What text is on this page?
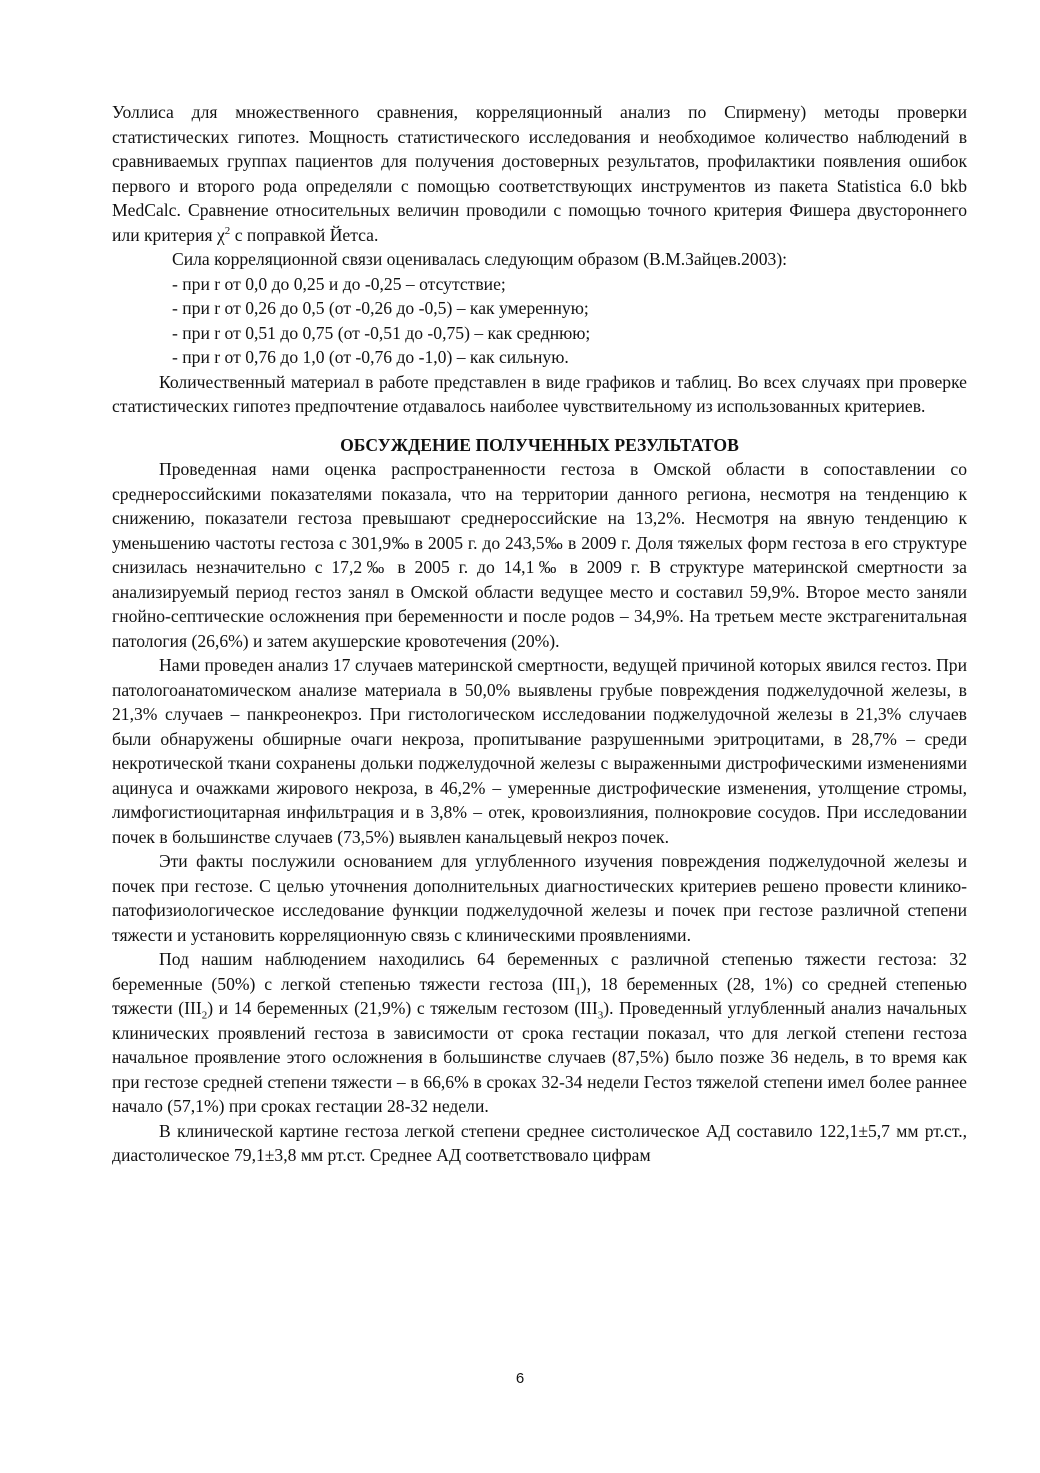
Уоллиса для множественного сравнения, корреляционный анализ по Спирмену) методы проверки статистических гипотез. Мощность статистического исследования и необходимое количество наблюдений в сравниваемых группах пациентов для получения достоверных результатов, профилактики появления ошибок первого и второго рода определяли с помощью соответствующих инструментов из пакета Statistica 6.0 bkb MedCalc. Сравнение относительных величин проводили с помощью точного критерия Фишера двустороннего или критерия $\chi^2$ с поправкой Йетса.

Сила корреляционной связи оценивалась следующим образом (В.М.Зайцев.2003):

- при r от 0,0 до 0,25 и до -0,25 – отсутствие;

- при r от 0,26 до 0,5 (от -0,26 до -0,5) – как умеренную;

- при r от 0,51 до 0,75 (от -0,51 до -0,75) – как среднюю;

- при r от 0,76 до 1,0 (от -0,76 до -1,0) – как сильную.

Количественный материал в работе представлен в виде графиков и таблиц. Во всех случаях при проверке статистических гипотез предпочтение отдавалось наиболее чувствительному из использованных критериев.

ОБСУЖДЕНИЕ ПОЛУЧЕННЫХ РЕЗУЛЬТАТОВ

Проведенная нами оценка распространенности гестоза в Омской области в сопоставлении со среднероссийскими показателями показала, что на территории данного региона, несмотря на тенденцию к снижению, показатели гестоза превышают среднероссийские на 13,2%. Несмотря на явную тенденцию к уменьшению частоты гестоза с 301,9‰ в 2005 г. до 243,5‰ в 2009 г. Доля тяжелых форм гестоза в его структуре снизилась незначительно с 17,2‰ в 2005 г. до 14,1‰ в 2009 г. В структуре материнской смертности за анализируемый период гестоз занял в Омской области ведущее место и составил 59,9%. Второе место заняли гнойно-септические осложнения при беременности и после родов – 34,9%. На третьем месте экстрагенитальная патология (26,6%) и затем акушерские кровотечения (20%).

Нами проведен анализ 17 случаев материнской смертности, ведущей причиной которых явился гестоз. При патологоанатомическом анализе материала в 50,0% выявлены грубые повреждения поджелудочной железы, в 21,3% случаев – панкреонекроз. При гистологическом исследовании поджелудочной железы в 21,3% случаев были обнаружены обширные очаги некроза, пропитывание разрушенными эритроцитами, в 28,7% – среди некротической ткани сохранены дольки поджелудочной железы с выраженными дистрофическими изменениями ацинуса и очажками жирового некроза, в 46,2% – умеренные дистрофические изменения, утолщение стромы, лимфогистиоцитарная инфильтрация и в 3,8% – отек, кровоизлияния, полнокровие сосудов. При исследовании почек в большинстве случаев (73,5%) выявлен канальцевый некроз почек.

Эти факты послужили основанием для углубленного изучения повреждения поджелудочной железы и почек при гестозе. С целью уточнения дополнительных диагностических критериев решено провести клинико-патофизиологическое исследование функции поджелудочной железы и почек при гестозе различной степени тяжести и установить корреляционную связь с клиническими проявлениями.

Под нашим наблюдением находились 64 беременных с различной степенью тяжести гестоза: 32 беременные (50%) с легкой степенью тяжести гестоза $(III_1)$, 18 беременных (28, 1%) со средней степенью тяжести $(III_2)$ и 14 беременных (21,9%) с тяжелым гестозом $(III_3)$. Проведенный углубленный анализ начальных клинических проявлений гестоза в зависимости от срока гестации показал, что для легкой степени гестоза начальное проявление этого осложнения в большинстве случаев (87,5%) было позже 36 недель, в то время как при гестозе средней степени тяжести – в 66,6% в сроках 32-34 недели Гестоз тяжелой степени имел более раннее начало (57,1%) при сроках гестации 28-32 недели.

В клинической картине гестоза легкой степени среднее систолическое АД составило 122,1±5,7 мм рт.ст., диастолическое 79,1±3,8 мм рт.ст. Среднее АД соответствовало цифрам

6
